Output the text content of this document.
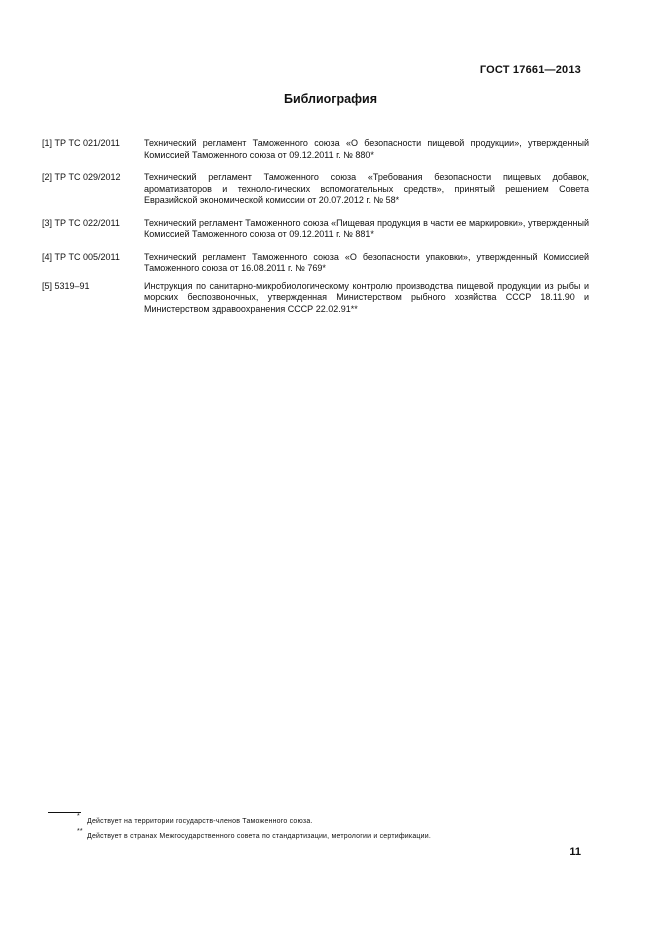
ГОСТ 17661—2013
Библиография
[1] ТР ТС 021/2011	Технический регламент Таможенного союза «О безопасности пищевой продукции», утвержденный Комиссией Таможенного союза от 09.12.2011 г. № 880*
[2] ТР ТС 029/2012	Технический регламент Таможенного союза «Требования безопасности пищевых добавок, ароматизаторов и техноло-гических вспомогательных средств», принятый решением Совета Евразийской экономической комиссии от 20.07.2012 г. № 58*
[3] ТР ТС 022/2011	Технический регламент Таможенного союза «Пищевая продукция в части ее маркировки», утвержденный Комиссией Таможенного союза от 09.12.2011 г. № 881*
[4] ТР ТС 005/2011	Технический регламент Таможенного союза «О безопасности упаковки», утвержденный Комиссией Таможенного союза от 16.08.2011 г. № 769*
[5] 5319–91	Инструкция по санитарно-микробиологическому контролю производства пищевой продукции из рыбы и морских беспозвоночных, утвержденная Министерством рыбного хозяйства СССР 18.11.90 и Министерством здравоохранения СССР 22.02.91**
*
Действует на территории государств-членов Таможенного союза.
**
Действует в странах Межгосударственного совета по стандартизации, метрологии и сертификации.
11
